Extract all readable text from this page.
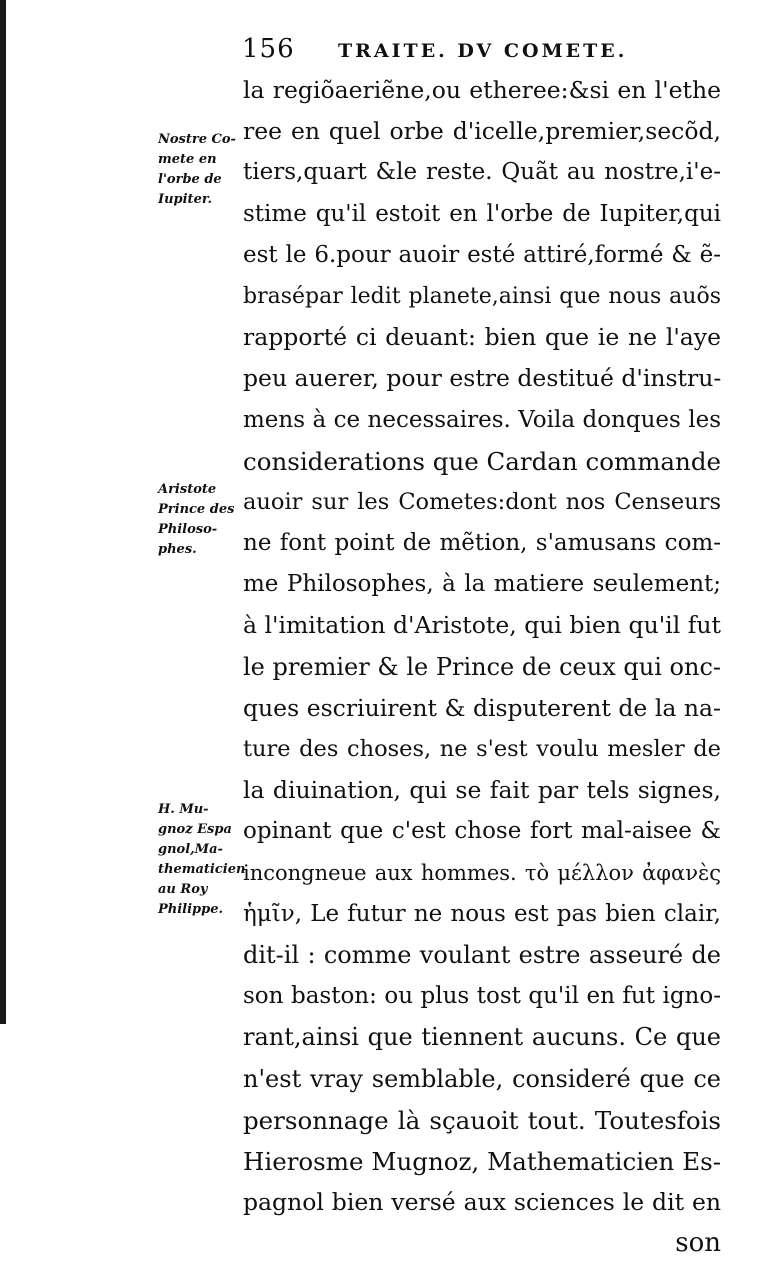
156 TRAITE. DV COMETE.
la regiõaeriẽne,ou etheree:&si en l'ethe
ree en quel orbe d'icelle,premier,secõd,
tiers,quart &le reste. Quãt au nostre,i'e-
stime qu'il estoit en l'orbe de Iupiter,qui
est le 6.pour auoir esté attiré,formé & ẽ-
brasépar ledit planete,ainsi que nous auõs
rapporté ci deuant: bien que ie ne l'aye
peu auerer, pour estre destitué d'instru-
mens à ce necessaires. Voila donques les
considerations que Cardan commande
auoir sur les Cometes:dont nos Censeurs
ne font point de mẽtion, s'amusans com-
me Philosophes, à la matiere seulement;
à l'imitation d'Aristote, qui bien qu'il fut
le premier & le Prince de ceux qui onc-
ques escriuirent & disputerent de la na-
ture des choses, ne s'est voulu mesler de
la diuination, qui se fait par tels signes,
opinant que c'est chose fort mal-aisee &
incongneue aux hommes. τὸ μέλλον ἀφανὲς
ἡμῖν, Le futur ne nous est pas bien clair,
dit-il : comme voulant estre asseuré de
son baston: ou plus tost qu'il en fut igno-
rant,ainsi que tiennent aucuns. Ce que
n'est vray semblable, consideré que ce
personnage là sçauoit tout. Toutesfois
Hierosme Mugnoz, Mathematicien Es-
pagnol bien versé aux sciences le dit en
son
Nostre Co-
mete en
l'orbe de
Iupiter.
Aristote
Prince des
Philoso-
phes.
H. Mu-
gnoz Espa
gnol,Ma-
thematicien
au Roy
Philippe.
